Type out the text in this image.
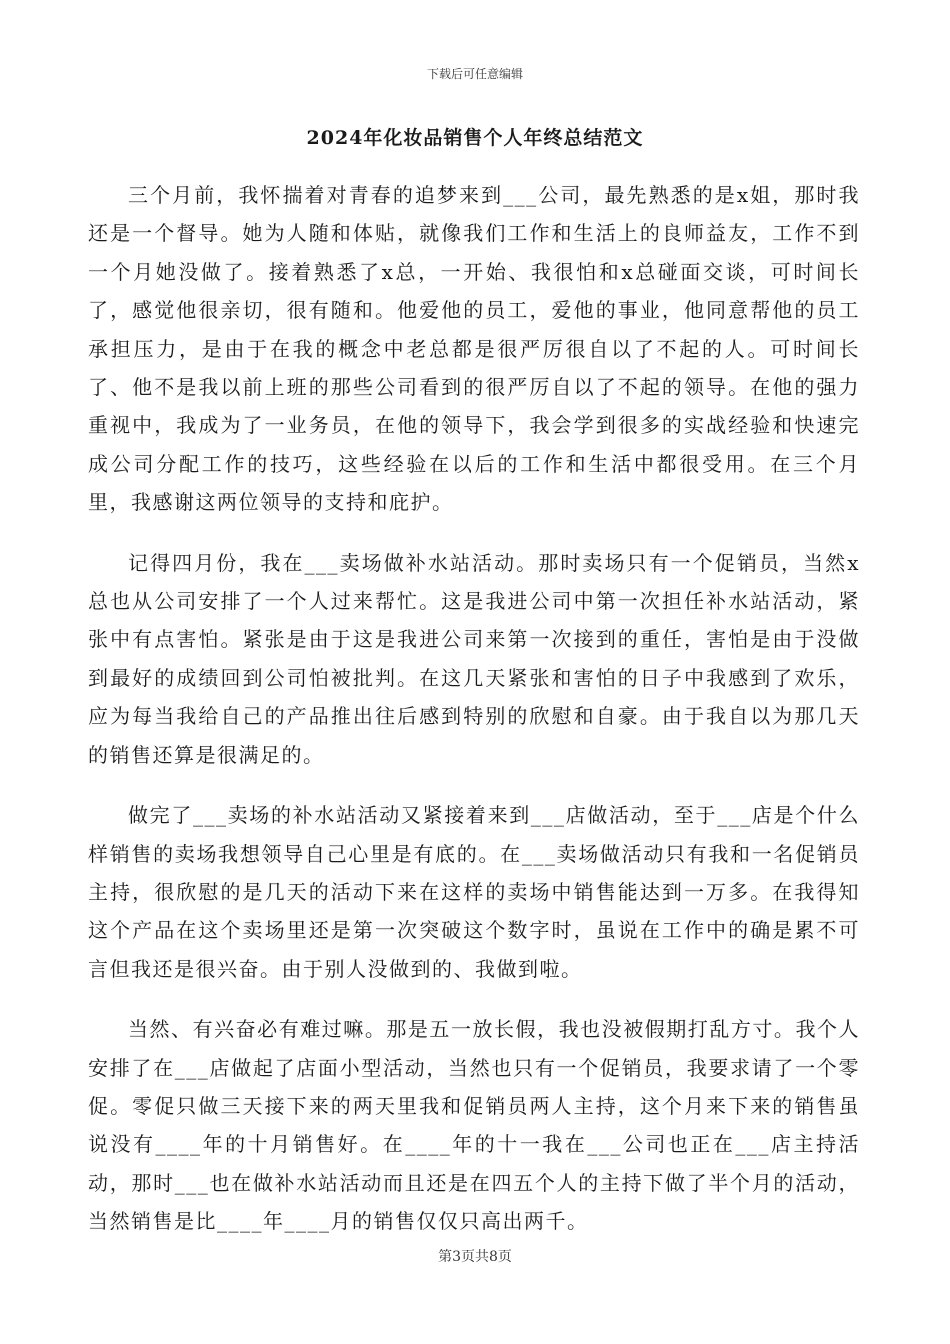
下载后可任意编辑
2024年化妆品销售个人年终总结范文

三个月前，我怀揣着对青春的追梦来到___公司，最先熟悉的是x姐，那时我还是一个督导。她为人随和体贴，就像我们工作和生活上的良师益友，工作不到一个月她没做了。接着熟悉了x总，一开始、我很怕和x总碰面交谈，可时间长了，感觉他很亲切，很有随和。他爱他的员工，爱他的事业，他同意帮他的员工承担压力，是由于在我的概念中老总都是很严厉很自以了不起的人。可时间长了、他不是我以前上班的那些公司看到的很严厉自以了不起的领导。在他的强力重视中，我成为了一业务员，在他的领导下，我会学到很多的实战经验和快速完成公司分配工作的技巧，这些经验在以后的工作和生活中都很受用。在三个月里，我感谢这两位领导的支持和庇护。

记得四月份，我在___卖场做补水站活动。那时卖场只有一个促销员，当然x总也从公司安排了一个人过来帮忙。这是我进公司中第一次担任补水站活动，紧张中有点害怕。紧张是由于这是我进公司来第一次接到的重任，害怕是由于没做到最好的成绩回到公司怕被批判。在这几天紧张和害怕的日子中我感到了欢乐，应为每当我给自己的产品推出往后感到特别的欣慰和自豪。由于我自以为那几天的销售还算是很满足的。

做完了___卖场的补水站活动又紧接着来到___店做活动，至于___店是个什么样销售的卖场我想领导自己心里是有底的。在___卖场做活动只有我和一名促销员主持，很欣慰的是几天的活动下来在这样的卖场中销售能达到一万多。在我得知这个产品在这个卖场里还是第一次突破这个数字时，虽说在工作中的确是累不可言但我还是很兴奋。由于别人没做到的、我做到啦。

当然、有兴奋必有难过嘛。那是五一放长假，我也没被假期打乱方寸。我个人安排了在___店做起了店面小型活动，当然也只有一个促销员，我要求请了一个零促。零促只做三天接下来的两天里我和促销员两人主持，这个月来下来的销售虽说没有____年的十月销售好。在____年的十一我在___公司也正在___店主持活动，那时___也在做补水站活动而且还是在四五个人的主持下做了半个月的活动，当然销售是比____年____月的销售仅仅只高出两千。

第3页共8页
